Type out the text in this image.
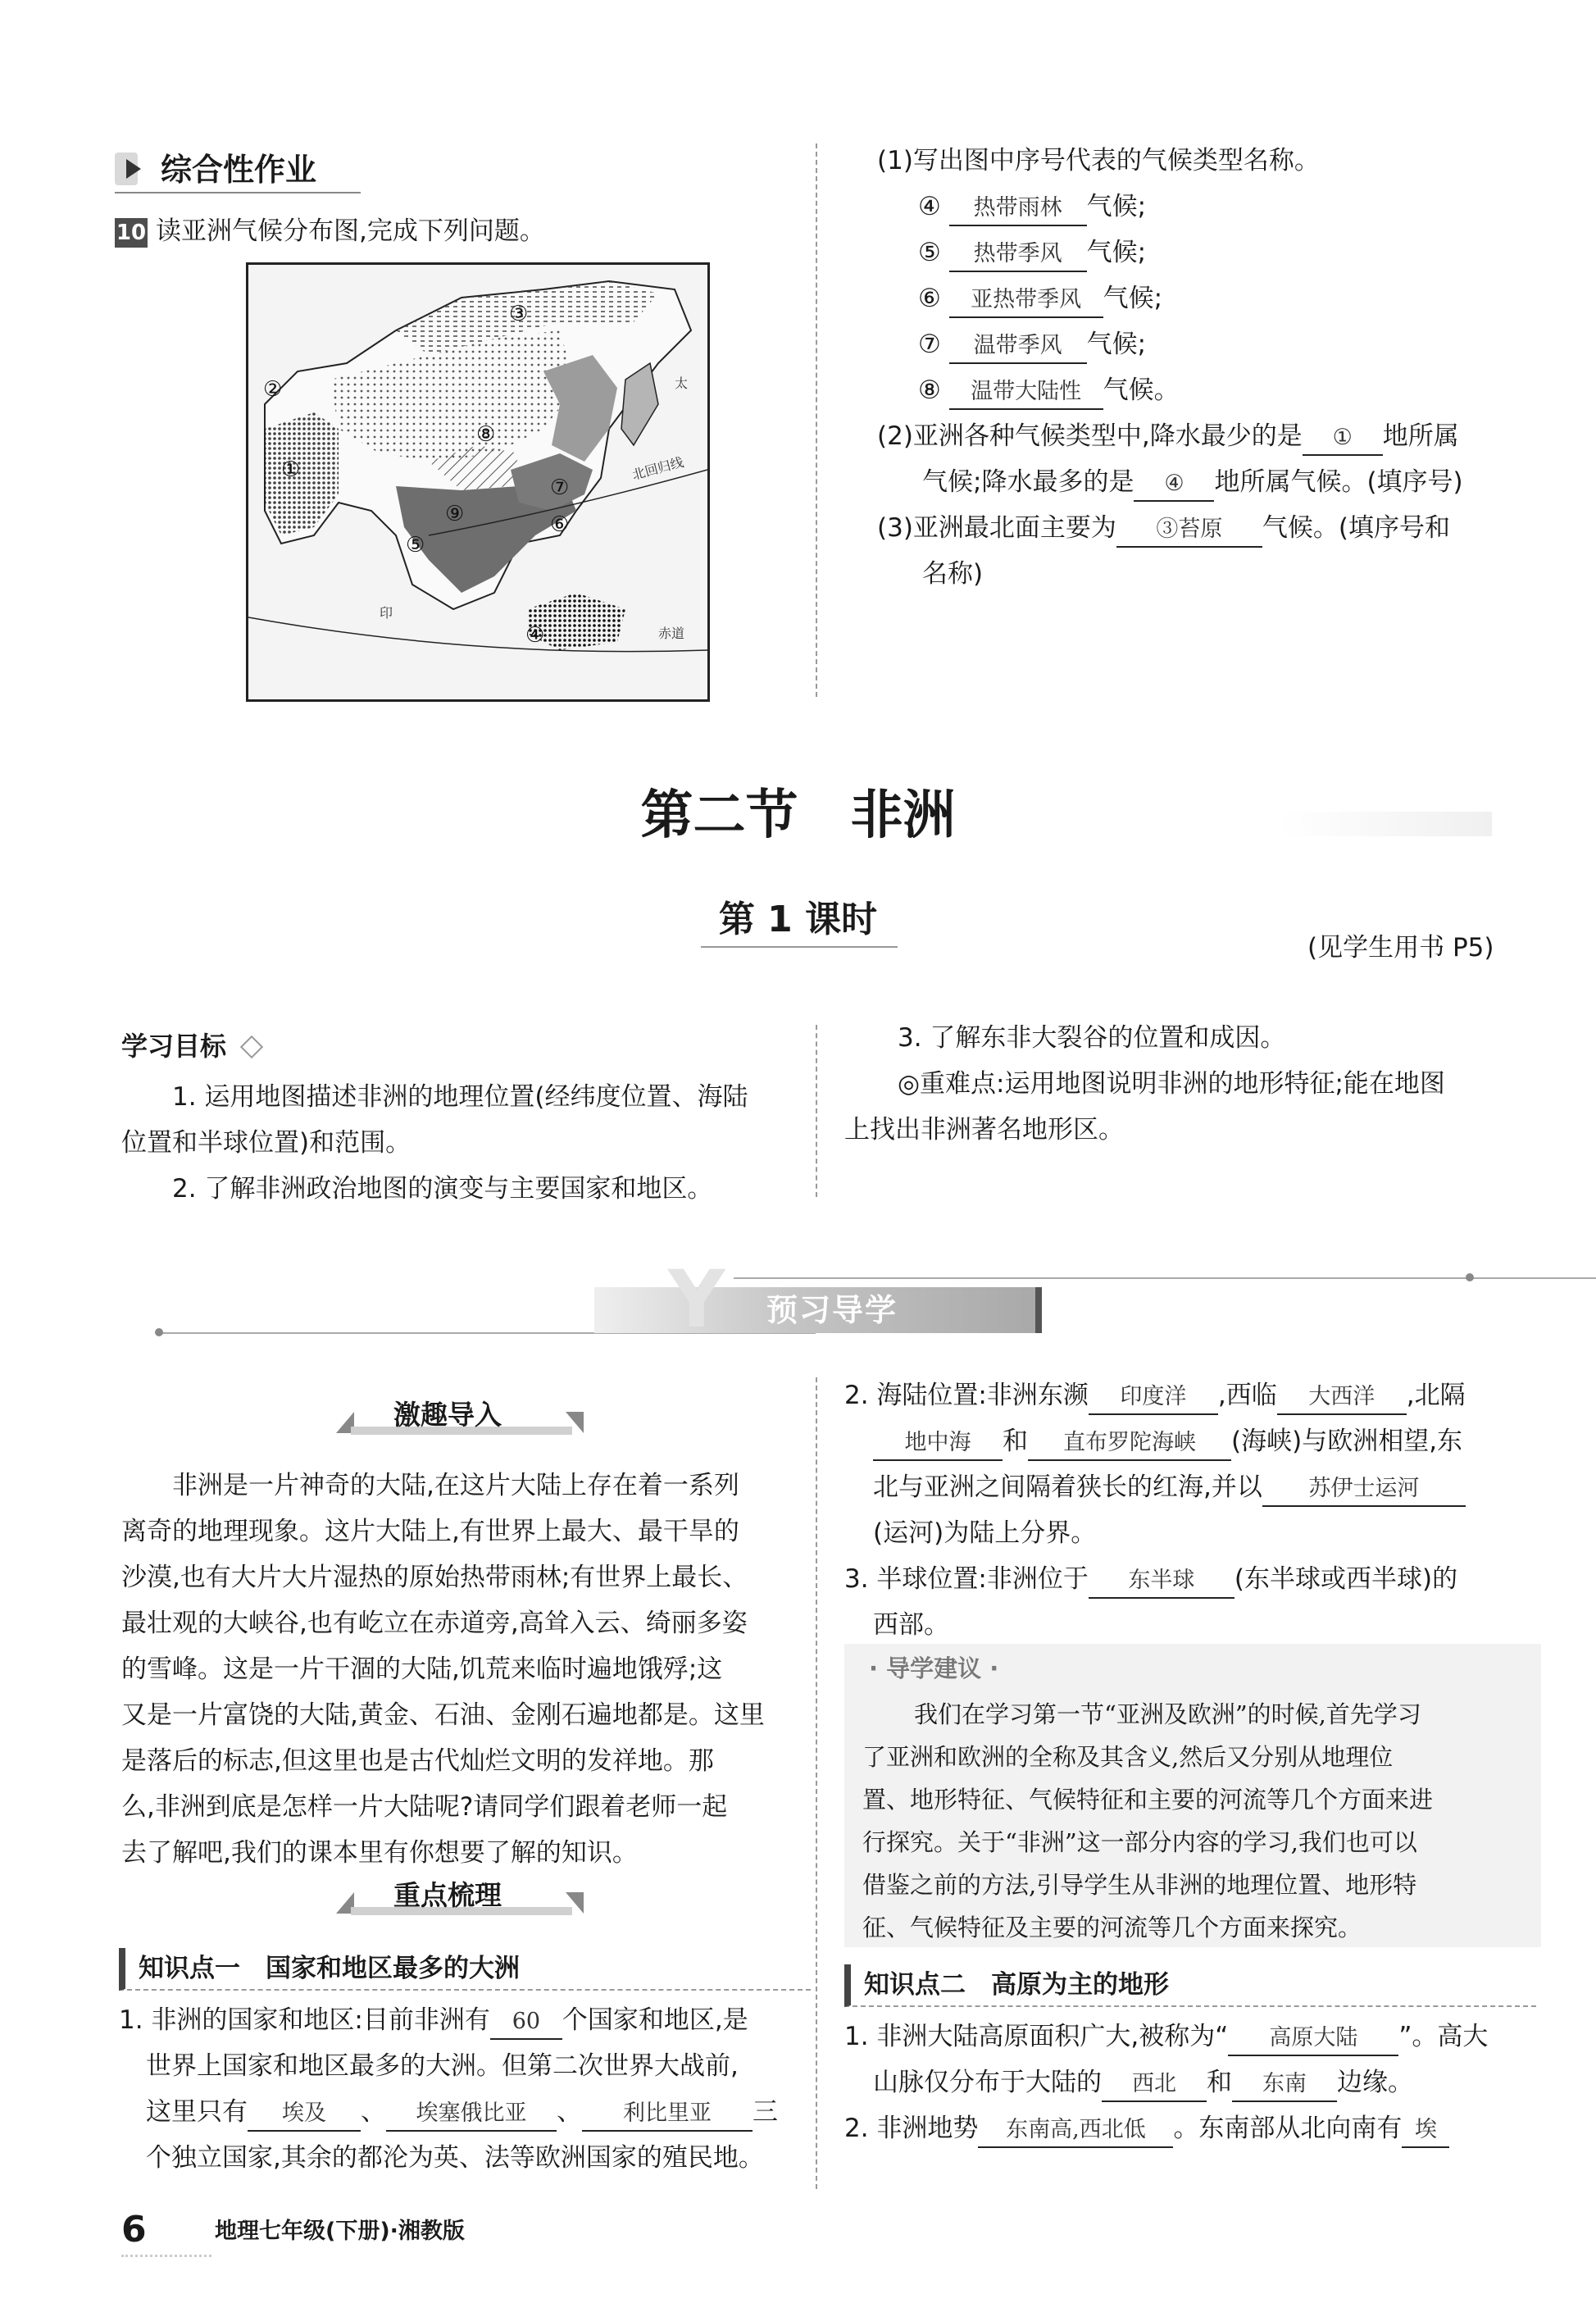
综合性作业
10 读亚洲气候分布图,完成下列问题。
③
②
⑧
①
⑦
⑨	⑥
⑤
④
北回归线
赤道
太
印
(1)写出图中序号代表的气候类型名称。
④ 热带雨林 气候;
⑤ 热带季风 气候;
⑥ 亚热带季风 气候;
⑦ 温带季风 气候;
⑧ 温带大陆性 气候。
(2)亚洲各种气候类型中,降水最少的是 ① 地所属
气候;降水最多的是 ④ 地所属气候。(填序号)
(3)亚洲最北面主要为 ③苔原 气候。(填序号和
名称)
第二节　非洲
第 1 课时
(见学生用书 P5)
学习目标
1. 运用地图描述非洲的地理位置(经纬度位置、海陆
位置和半球位置)和范围。
2. 了解非洲政治地图的演变与主要国家和地区。
3. 了解东非大裂谷的位置和成因。
◎重难点:运用地图说明非洲的地形特征;能在地图
上找出非洲著名地形区。
Y 预习导学
激趣导入
非洲是一片神奇的大陆,在这片大陆上存在着一系列
离奇的地理现象。这片大陆上,有世界上最大、最干旱的
沙漠,也有大片大片湿热的原始热带雨林;有世界上最长、
最壮观的大峡谷,也有屹立在赤道旁,高耸入云、绮丽多姿
的雪峰。这是一片干涸的大陆,饥荒来临时遍地饿殍;这
又是一片富饶的大陆,黄金、石油、金刚石遍地都是。这里
是落后的标志,但这里也是古代灿烂文明的发祥地。那
么,非洲到底是怎样一片大陆呢?请同学们跟着老师一起
去了解吧,我们的课本里有你想要了解的知识。
重点梳理
知识点一　国家和地区最多的大洲
1. 非洲的国家和地区:目前非洲有 60 个国家和地区,是
世界上国家和地区最多的大洲。但第二次世界大战前,
这里只有 埃及 、 埃塞俄比亚 、 利比里亚 三
个独立国家,其余的都沦为英、法等欧洲国家的殖民地。
2. 海陆位置:非洲东濒 印度洋 ,西临 大西洋 ,北隔
地中海 和 直布罗陀海峡 (海峡)与欧洲相望,东
北与亚洲之间隔着狭长的红海,并以 苏伊士运河
(运河)为陆上分界。
3. 半球位置:非洲位于 东半球 (东半球或西半球)的
西部。
· 导学建议 ·
我们在学习第一节“亚洲及欧洲”的时候,首先学习
了亚洲和欧洲的全称及其含义,然后又分别从地理位
置、地形特征、气候特征和主要的河流等几个方面来进
行探究。关于“非洲”这一部分内容的学习,我们也可以
借鉴之前的方法,引导学生从非洲的地理位置、地形特
征、气候特征及主要的河流等几个方面来探究。
知识点二　高原为主的地形
1. 非洲大陆高原面积广大,被称为“ 高原大陆 ”。高大
山脉仅分布于大陆的 西北 和 东南 边缘。
2. 非洲地势 东南高,西北低 。东南部从北向南有 埃
6	地理七年级(下册)·湘教版
